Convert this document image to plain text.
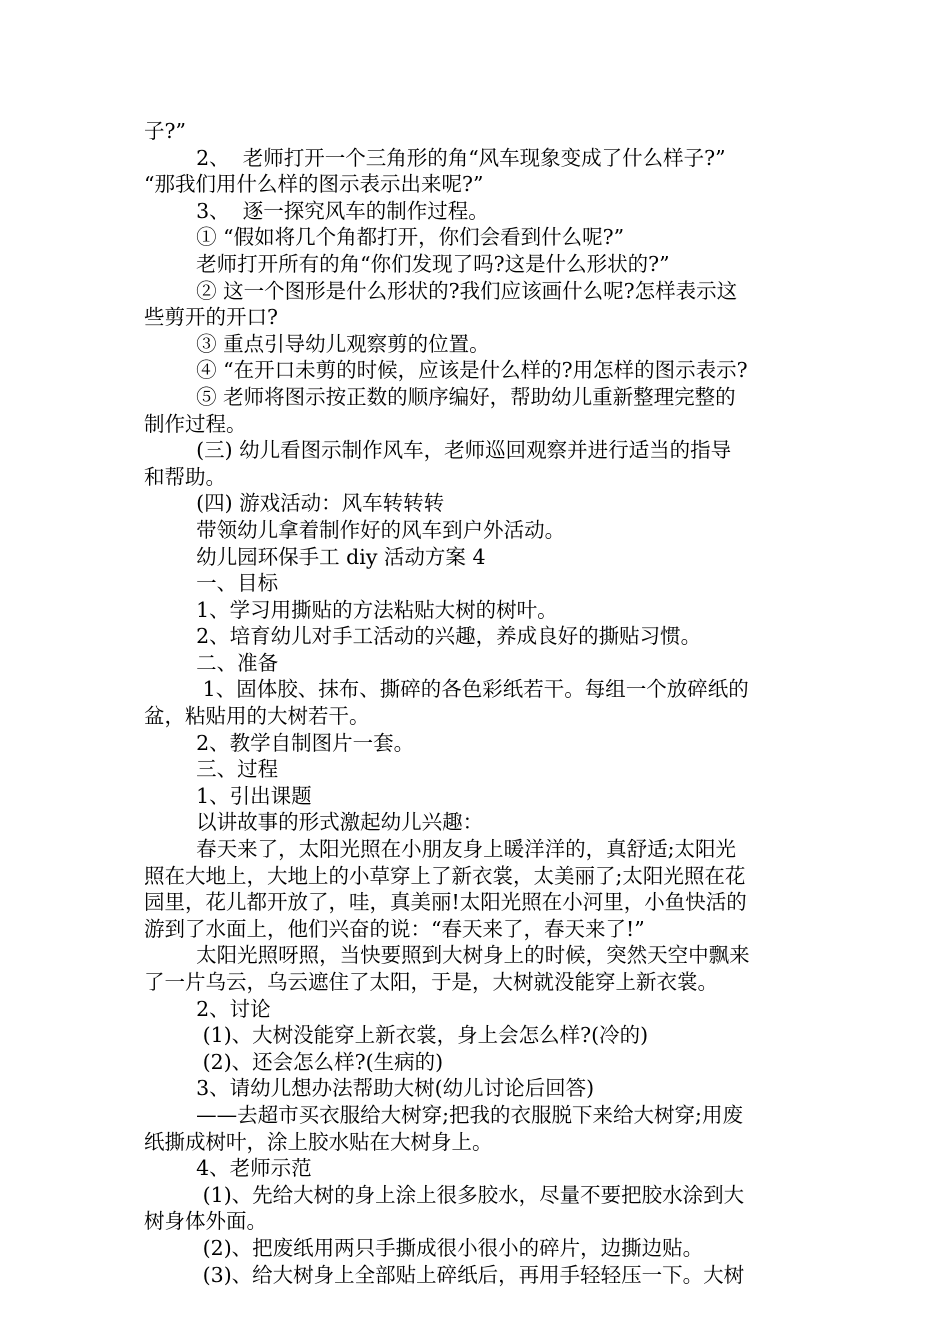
子?”
2、  老师打开一个三角形的角“风车现象变成了什么样子?”
“那我们用什么样的图示表示出来呢?”
3、  逐一探究风车的制作过程。
① “假如将几个角都打开，你们会看到什么呢?”
老师打开所有的角“你们发现了吗?这是什么形状的?”
② 这一个图形是什么形状的?我们应该画什么呢?怎样表示这
些剪开的开口?
③ 重点引导幼儿观察剪的位置。
④ “在开口未剪的时候，应该是什么样的?用怎样的图示表示?
⑤ 老师将图示按正数的顺序编好，帮助幼儿重新整理完整的
制作过程。
(三) 幼儿看图示制作风车，老师巡回观察并进行适当的指导
和帮助。
(四) 游戏活动：风车转转转
带领幼儿拿着制作好的风车到户外活动。
幼儿园环保手工 diy 活动方案 4
一、目标
1、学习用撕贴的方法粘贴大树的树叶。
2、培育幼儿对手工活动的兴趣，养成良好的撕贴习惯。
二、准备
1、固体胶、抹布、撕碎的各色彩纸若干。每组一个放碎纸的
盆，粘贴用的大树若干。
2、教学自制图片一套。
三、过程
1、引出课题
以讲故事的形式激起幼儿兴趣：
春天来了，太阳光照在小朋友身上暖洋洋的，真舒适;太阳光
照在大地上，大地上的小草穿上了新衣裳，太美丽了;太阳光照在花
园里，花儿都开放了，哇，真美丽!太阳光照在小河里，小鱼快活的
游到了水面上，他们兴奋的说：“春天来了，春天来了!”
太阳光照呀照，当快要照到大树身上的时候，突然天空中飘来
了一片乌云，乌云遮住了太阳，于是，大树就没能穿上新衣裳。
2、讨论
(1)、大树没能穿上新衣裳，身上会怎么样?(冷的)
(2)、还会怎么样?(生病的)
3、请幼儿想办法帮助大树(幼儿讨论后回答)
——去超市买衣服给大树穿;把我的衣服脱下来给大树穿;用废
纸撕成树叶，涂上胶水贴在大树身上。
4、老师示范
(1)、先给大树的身上涂上很多胶水，尽量不要把胶水涂到大
树身体外面。
(2)、把废纸用两只手撕成很小很小的碎片，边撕边贴。
(3)、给大树身上全部贴上碎纸后，再用手轻轻压一下。大树
